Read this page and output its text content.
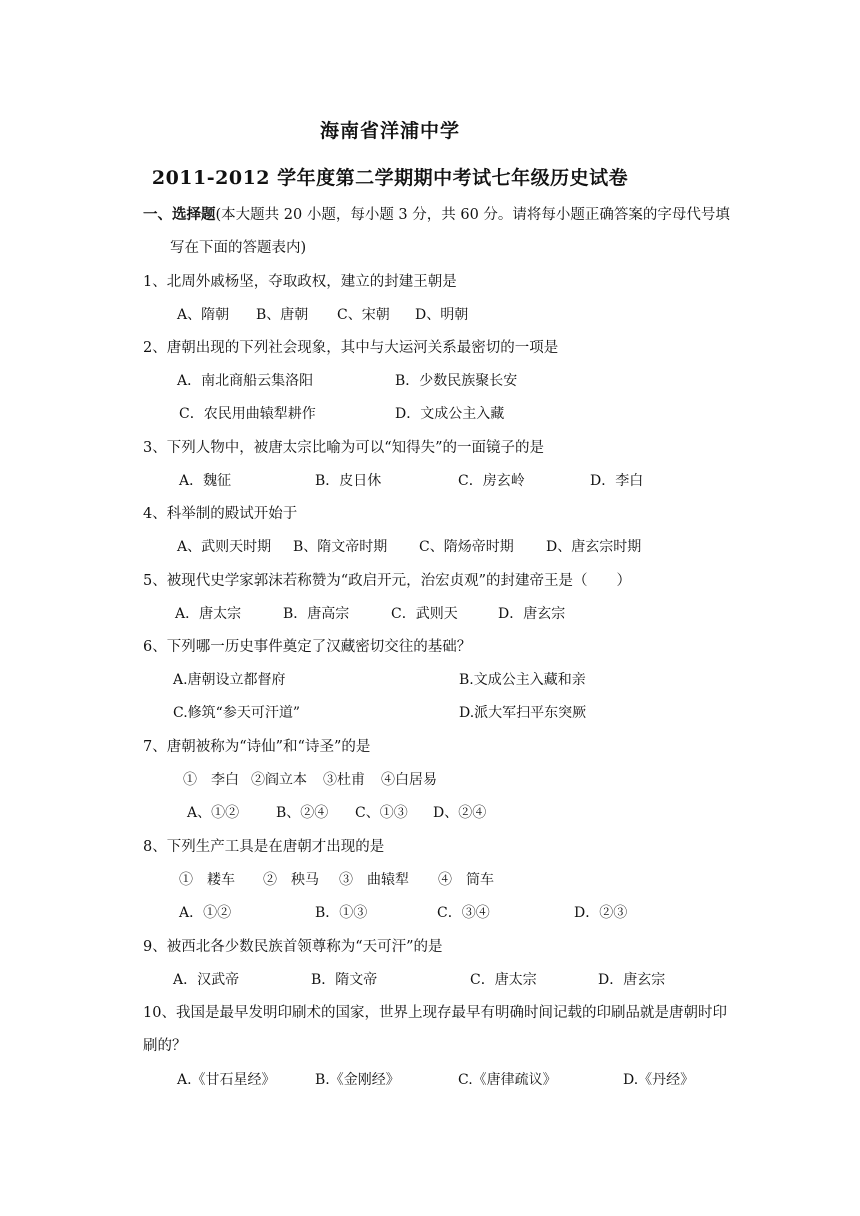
海南省洋浦中学
2011-2012 学年度第二学期期中考试七年级历史试卷
一、选择题(本大题共 20 小题，每小题 3 分，共 60 分。请将每小题正确答案的字母代号填
写在下面的答题表内)
1、北周外戚杨坚，夺取政权，建立的封建王朝是
A、隋朝 B、唐朝 C、宋朝 D、明朝
2、唐朝出现的下列社会现象，其中与大运河关系最密切的一项是
A．南北商船云集洛阳	B．少数民族聚长安
C．农民用曲辕犁耕作	D．文成公主入藏
3、下列人物中，被唐太宗比喻为可以“知得失”的一面镜子的是
A．魏征	B．皮日休	C．房玄岭	D．李白
4、科举制的殿试开始于
A、武则天时期 B、隋文帝时期 C、隋炀帝时期 D、唐玄宗时期
5、被现代史学家郭沫若称赞为“政启开元，治宏贞观”的封建帝王是（　　）
A．唐太宗	B．唐高宗	C．武则天	D．唐玄宗
6、下列哪一历史事件奠定了汉藏密切交往的基础？
A.唐朝设立都督府	B.文成公主入藏和亲
C.修筑“参天可汗道”	D.派大军扫平东突厥
7、唐朝被称为“诗仙”和“诗圣”的是
①　李白 ②阎立本 ③杜甫 ④白居易
A、①②	B、②④ C、①③ D、②④
8、下列生产工具是在唐朝才出现的是
①　耧车 ②　秧马 ③　曲辕犁 ④　筒车
A．①②	B．①③	C．③④	D．②③
9、被西北各少数民族首领尊称为“天可汗”的是
A．汉武帝	B．隋文帝	C．唐太宗	D．唐玄宗
10、我国是最早发明印刷术的国家，世界上现存最早有明确时间记载的印刷品就是唐朝时印
刷的？
A.《甘石星经》	B.《金刚经》	C.《唐律疏议》	D.《丹经》
